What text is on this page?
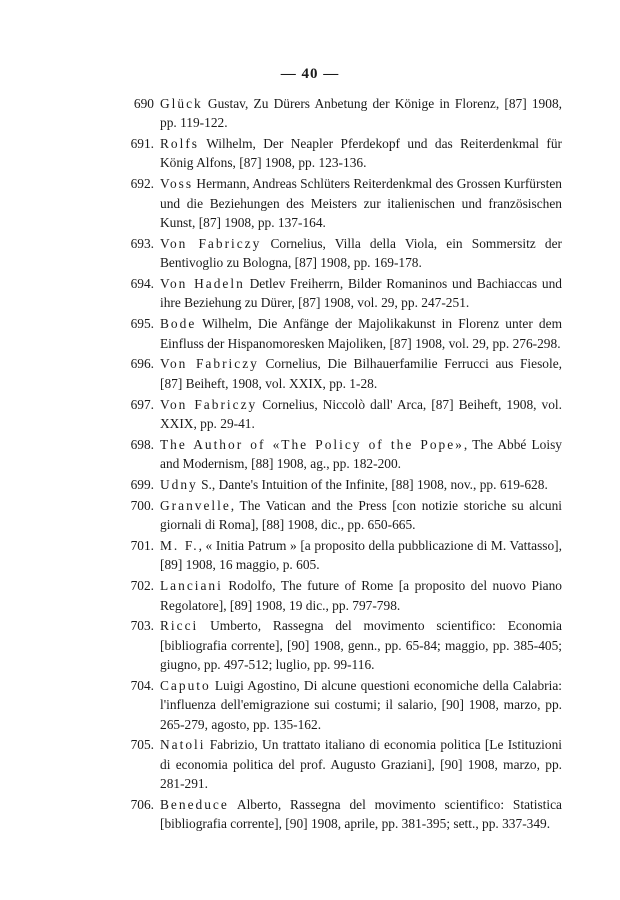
— 40 —
690 Glück Gustav, Zu Dürers Anbetung der Könige in Florenz, [87] 1908, pp. 119-122.
691. Rolfs Wilhelm, Der Neapler Pferdekopf und das Reiterdenkmal für König Alfons, [87] 1908, pp. 123-136.
692. Voss Hermann, Andreas Schlüters Reiterdenkmal des Grossen Kurfürsten und die Beziehungen des Meisters zur italienischen und französischen Kunst, [87] 1908, pp. 137-164.
693. Von Fabriczy Cornelius, Villa della Viola, ein Sommersitz der Bentivoglio zu Bologna, [87] 1908, pp. 169-178.
694. Von Hadeln Detlev Freiherrn, Bilder Romaninos und Bachiaccas und ihre Beziehung zu Dürer, [87] 1908, vol. 29, pp. 247-251.
695. Bode Wilhelm, Die Anfänge der Majolikakunst in Florenz unter dem Einfluss der Hispanomoresken Majoliken, [87] 1908, vol. 29, pp. 276-298.
696. Von Fabriczy Cornelius, Die Bilhauerfamilie Ferrucci aus Fiesole, [87] Beiheft, 1908, vol. XXIX, pp. 1-28.
697. Von Fabriczy Cornelius, Niccolò dall' Arca, [87] Beiheft, 1908, vol. XXIX, pp. 29-41.
698. The Author of «The Policy of the Pope», The Abbé Loisy and Modernism, [88] 1908, ag., pp. 182-200.
699. Udny S., Dante's Intuition of the Infinite, [88] 1908, nov., pp. 619-628.
700. Granvelle, The Vatican and the Press [con notizie storiche su alcuni giornali di Roma], [88] 1908, dic., pp. 650-665.
701. M. F., « Initia Patrum » [a proposito della pubblicazione di M. Vattasso], [89] 1908, 16 maggio, p. 605.
702. Lanciani Rodolfo, The future of Rome [a proposito del nuovo Piano Regolatore], [89] 1908, 19 dic., pp. 797-798.
703. Ricci Umberto, Rassegna del movimento scientifico: Economia [bibliografia corrente], [90] 1908, genn., pp. 65-84; maggio, pp. 385-405; giugno, pp. 497-512; luglio, pp. 99-116.
704. Caputo Luigi Agostino, Di alcune questioni economiche della Calabria: l'influenza dell'emigrazione sui costumi; il salario, [90] 1908, marzo, pp. 265-279, agosto, pp. 135-162.
705. Natoli Fabrizio, Un trattato italiano di economia politica [Le Istituzioni di economia politica del prof. Augusto Graziani], [90] 1908, marzo, pp. 281-291.
706. Beneduce Alberto, Rassegna del movimento scientifico: Statistica [bibliografia corrente], [90] 1908, aprile, pp. 381-395; sett., pp. 337-349.
